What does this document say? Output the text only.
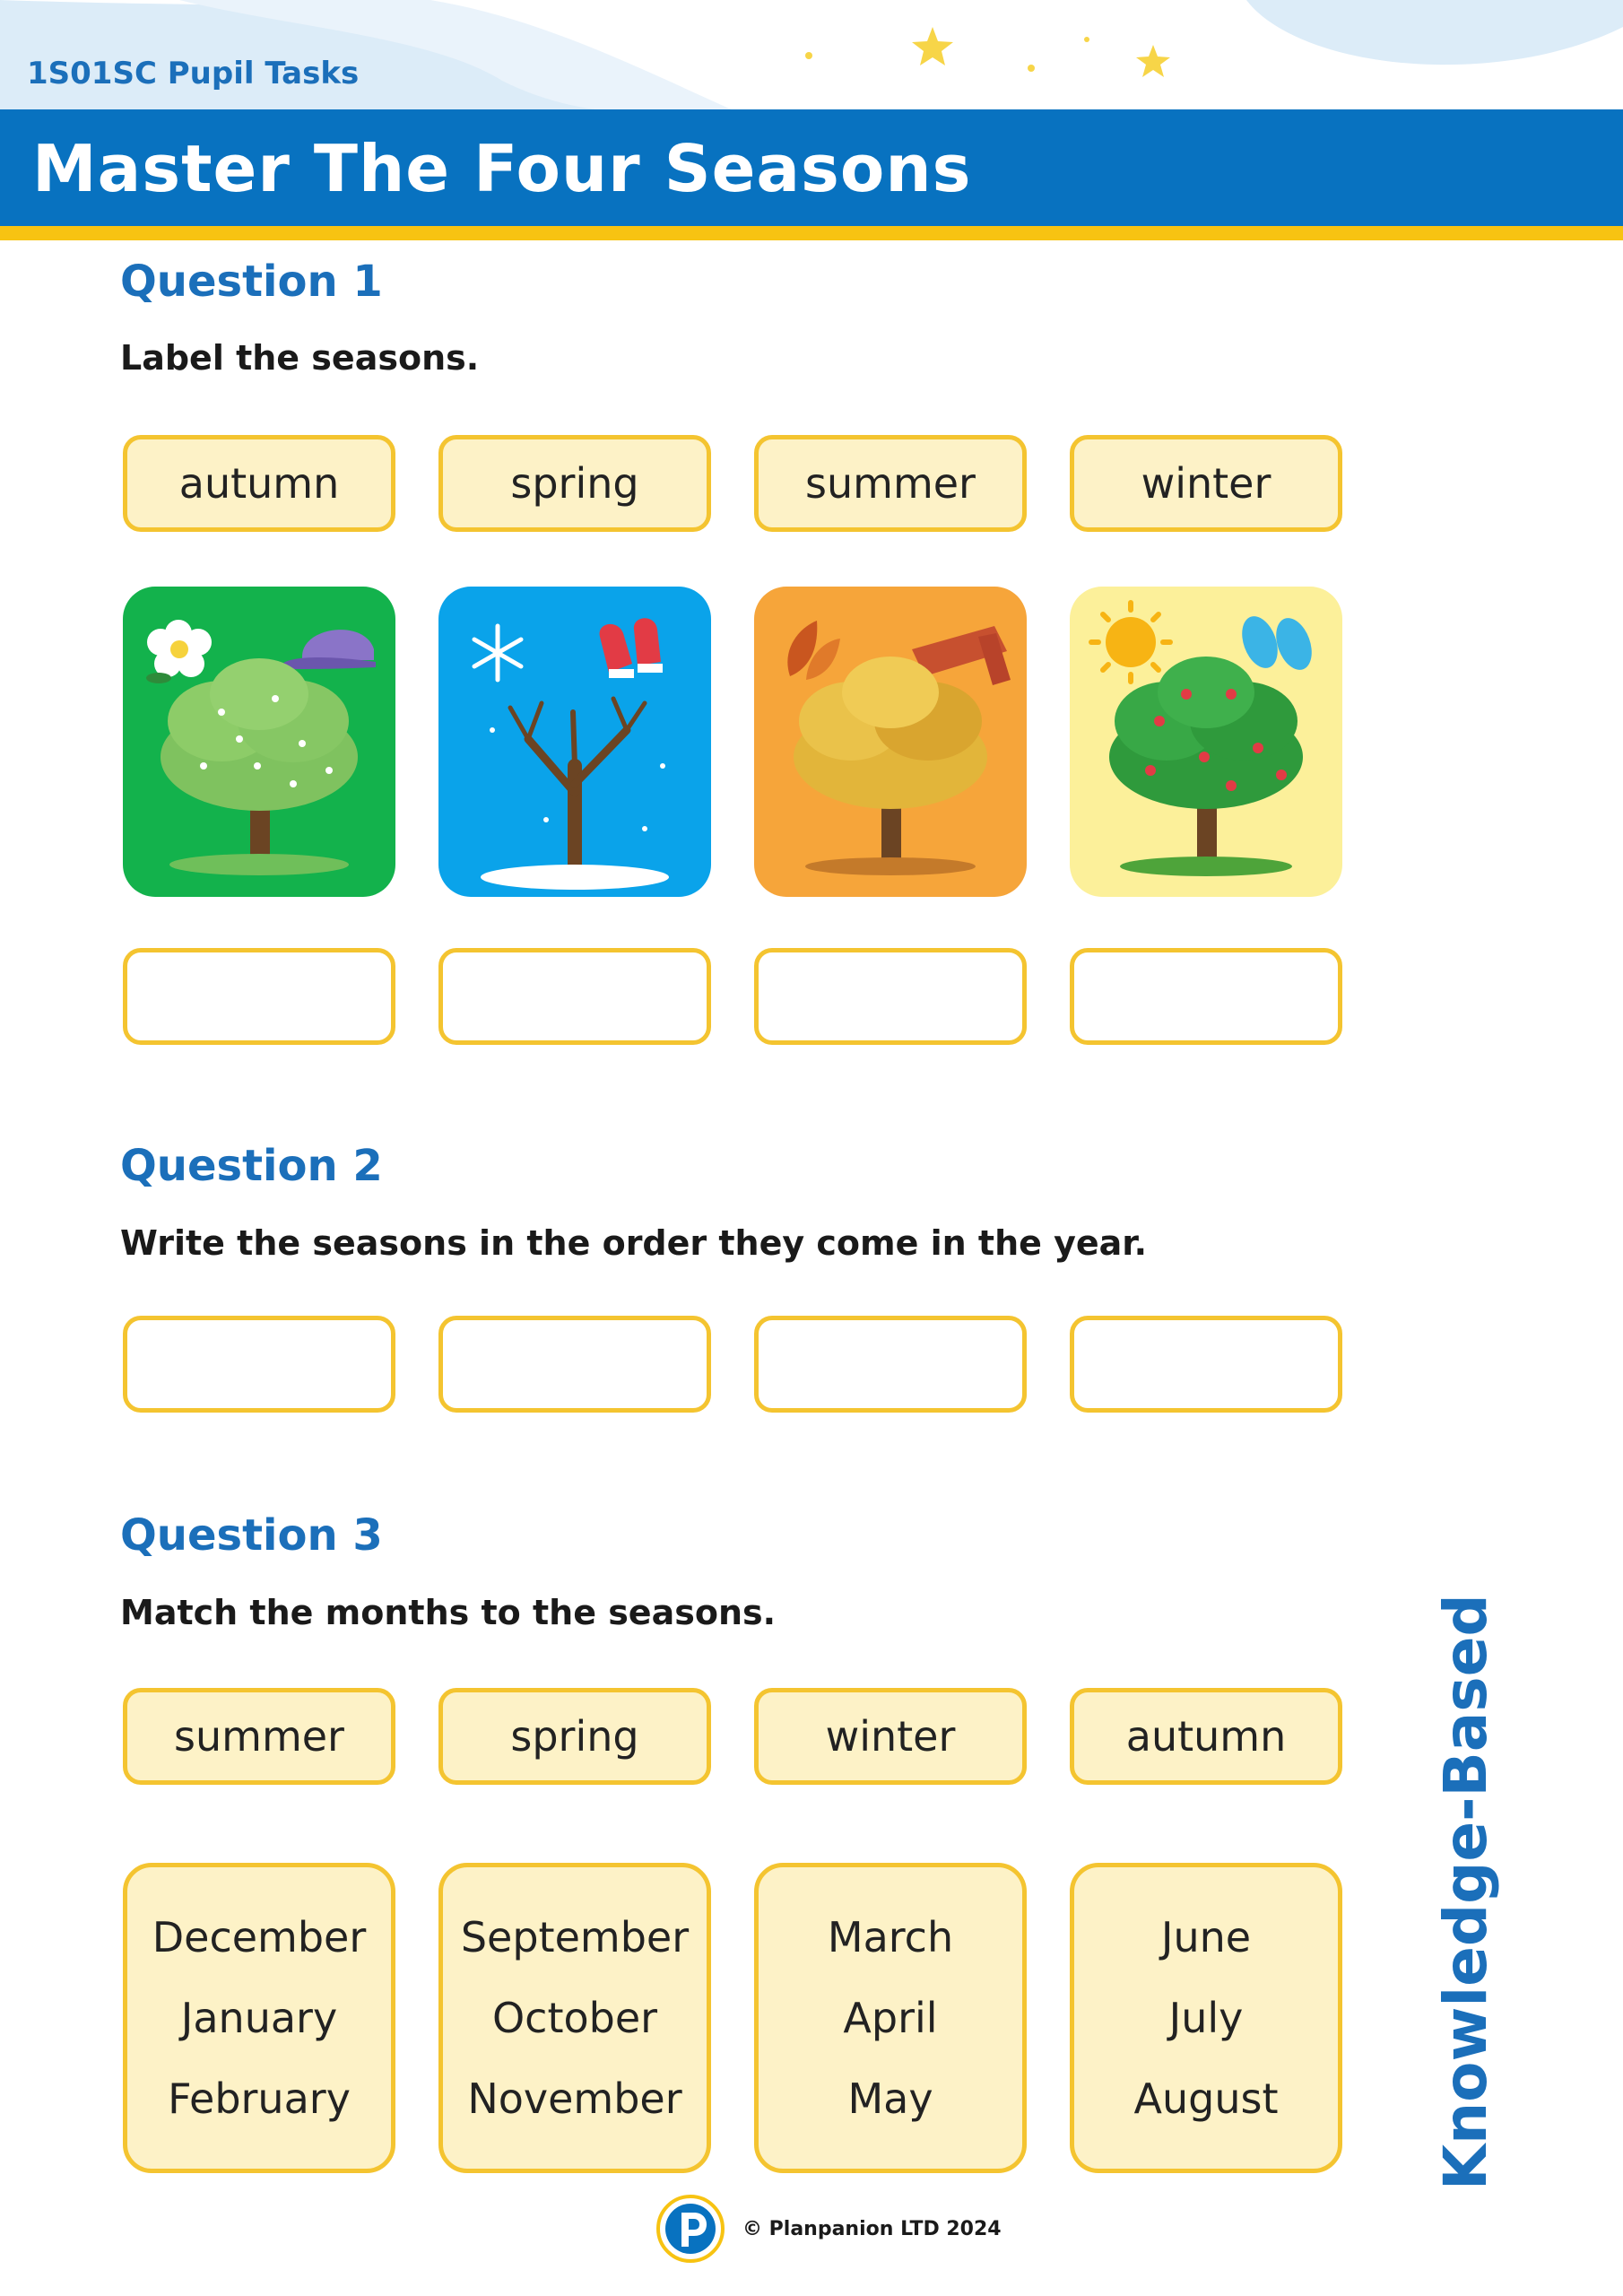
1S01SC Pupil Tasks
Master The Four Seasons
Question 1
Label the seasons.
autumn	spring	summer	winter
Question 2
Write the seasons in the order they come in the year.
Question 3
Match the months to the seasons.
summer	spring	winter	autumn
December
January
February
September
October
November
March
April
May
June
July
August	Knowledge-Based
© Planpanion LTD 2024
